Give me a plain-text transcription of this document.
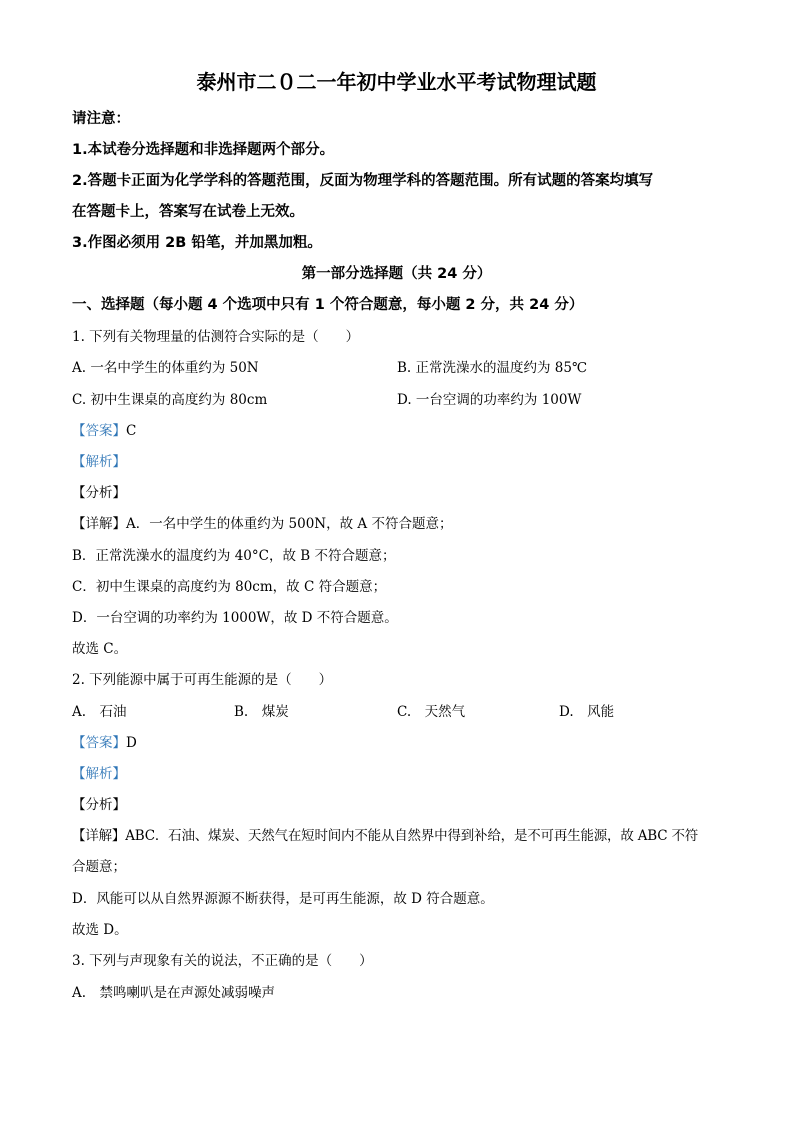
泰州市二０二一年初中学业水平考试物理试题
请注意：
1.本试卷分选择题和非选择题两个部分。
2.答题卡正面为化学学科的答题范围，反面为物理学科的答题范围。所有试题的答案均填写
在答题卡上，答案写在试卷上无效。
3.作图必须用 2B 铅笔，并加黑加粗。
第一部分选择题（共 24 分）
一、选择题（每小题 4 个选项中只有 1 个符合题意，每小题 2 分，共 24 分）
1. 下列有关物理量的估测符合实际的是（　　）
A. 一名中学生的体重约为 50N	B. 正常洗澡水的温度约为 85℃
C. 初中生课桌的高度约为 80cm	D. 一台空调的功率约为 100W
【答案】C
【解析】
【分析】
【详解】A．一名中学生的体重约为 500N，故 A 不符合题意；
B．正常洗澡水的温度约为 40°C，故 B 不符合题意；
C．初中生课桌的高度约为 80cm，故 C 符合题意；
D．一台空调的功率约为 1000W，故 D 不符合题意。
故选 C。
2. 下列能源中属于可再生能源的是（　　）
A.　石油	B.　煤炭	C.　天然气	D.　风能
【答案】D
【解析】
【分析】
【详解】ABC．石油、煤炭、天然气在短时间内不能从自然界中得到补给，是不可再生能源，故 ABC 不符
合题意；
D．风能可以从自然界源源不断获得，是可再生能源，故 D 符合题意。
故选 D。
3. 下列与声现象有关的说法，不正确的是（　　）
A.　禁鸣喇叭是在声源处减弱噪声
